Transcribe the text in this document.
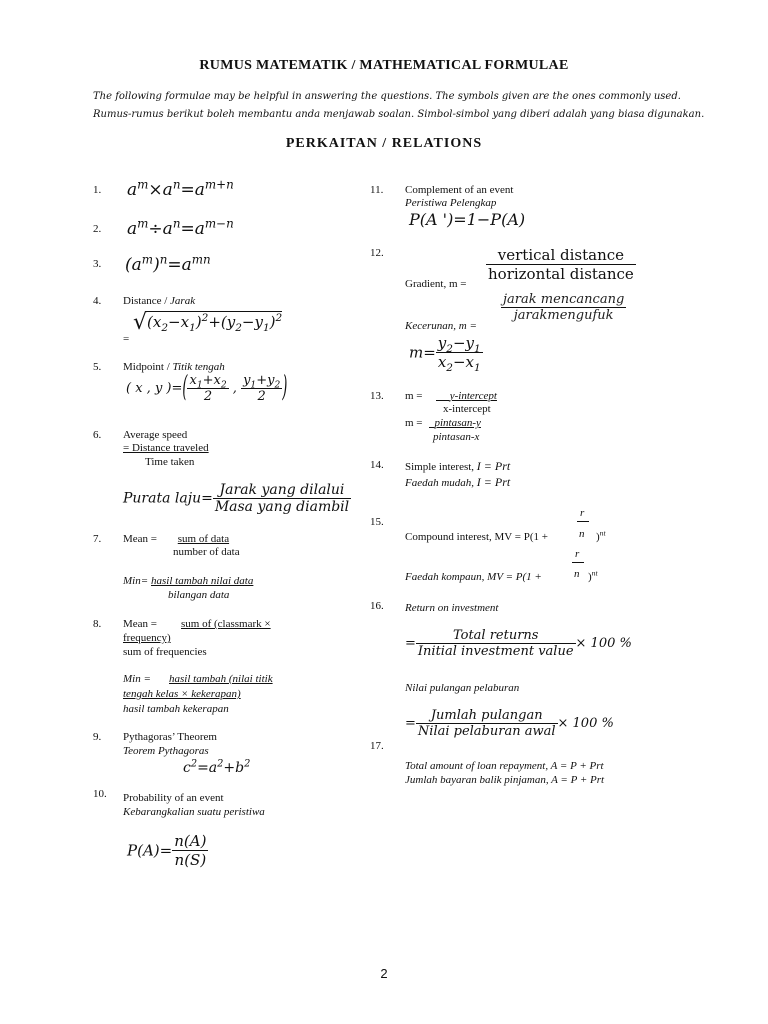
RUMUS MATEMATIK / MATHEMATICAL FORMULAE
The following formulae may be helpful in answering the questions. The symbols given are the ones commonly used.
Rumus-rumus berikut boleh membantu anda menjawab soalan. Simbol-simbol yang diberi adalah yang biasa digunakan.
PERKAITAN / RELATIONS
1. $a^m\times a^n=a^{m+n}$
2. $a^m\div a^n=a^{m-n}$
3. $(a^m)^n=a^{mn}$
4. Distance / Jarak
$√(x_2-x_1)^2+(y_2-y_1)^2$
=
5. Midpoint / Titik tengah
( x , y )=( $\frac{x_1+x_2}{2}$ , $\frac{y_1+y_2}{2}$ )
6. Average speed
= Distance traveled
Time taken
Purata laju= $\frac{\text{Jarak yang dilalui}}{\text{Masa yang diambil}}$
7. Mean = sum of data
number of data
Min= hasil tambah nilai data
bilangan data
8. Mean = sum of (classmark ×
frequency)
sum of frequencies
Min = hasil tambah (nilai titik
tengah kelas × kekerapan)
hasil tambah kekerapan
9. Pythagoras’ Theorem
Teorem Pythagoras
$c^2=a^2+b^2$
10. Probability of an event
Kebarangkalian suatu peristiwa
$P(A)= \frac{n(A)}{n(S)}$
11. Complement of an event
Peristiwa Pelengkap
P(A ')=1−P(A)
12.	$\frac{\text{vertical distance}}{\text{horizontal distance}}$
Gradient, m =
$\frac{\text{jarak mencancang}}{\text{jarakmengufuk}}$
Kecerunan, m =
$m= \frac{y_2-y_1}{x_2-x_1}$
13. m =	y-intercept
x-intercept
m =	pintasan-y
pintasan-x
14. Simple interest, I = Prt
Faedah mudah, I = Prt
15.
r
Compound interest, MV = P(1 +	n )$^{nt}$
r
Faedah kompaun, MV = P(1 +	n )$^{nt}$
16. Return on investment
= $\frac{\text{Total returns}}{\text{Initial investment value}} \times 100$ %
Nilai pulangan pelaburan
= $\frac{\text{Jumlah pulangan}}{\text{Nilai pelaburan awal}} \times 100$ %
17.
Total amount of loan repayment, A = P + Prt
Jumlah bayaran balik pinjaman, A = P + Prt
2
